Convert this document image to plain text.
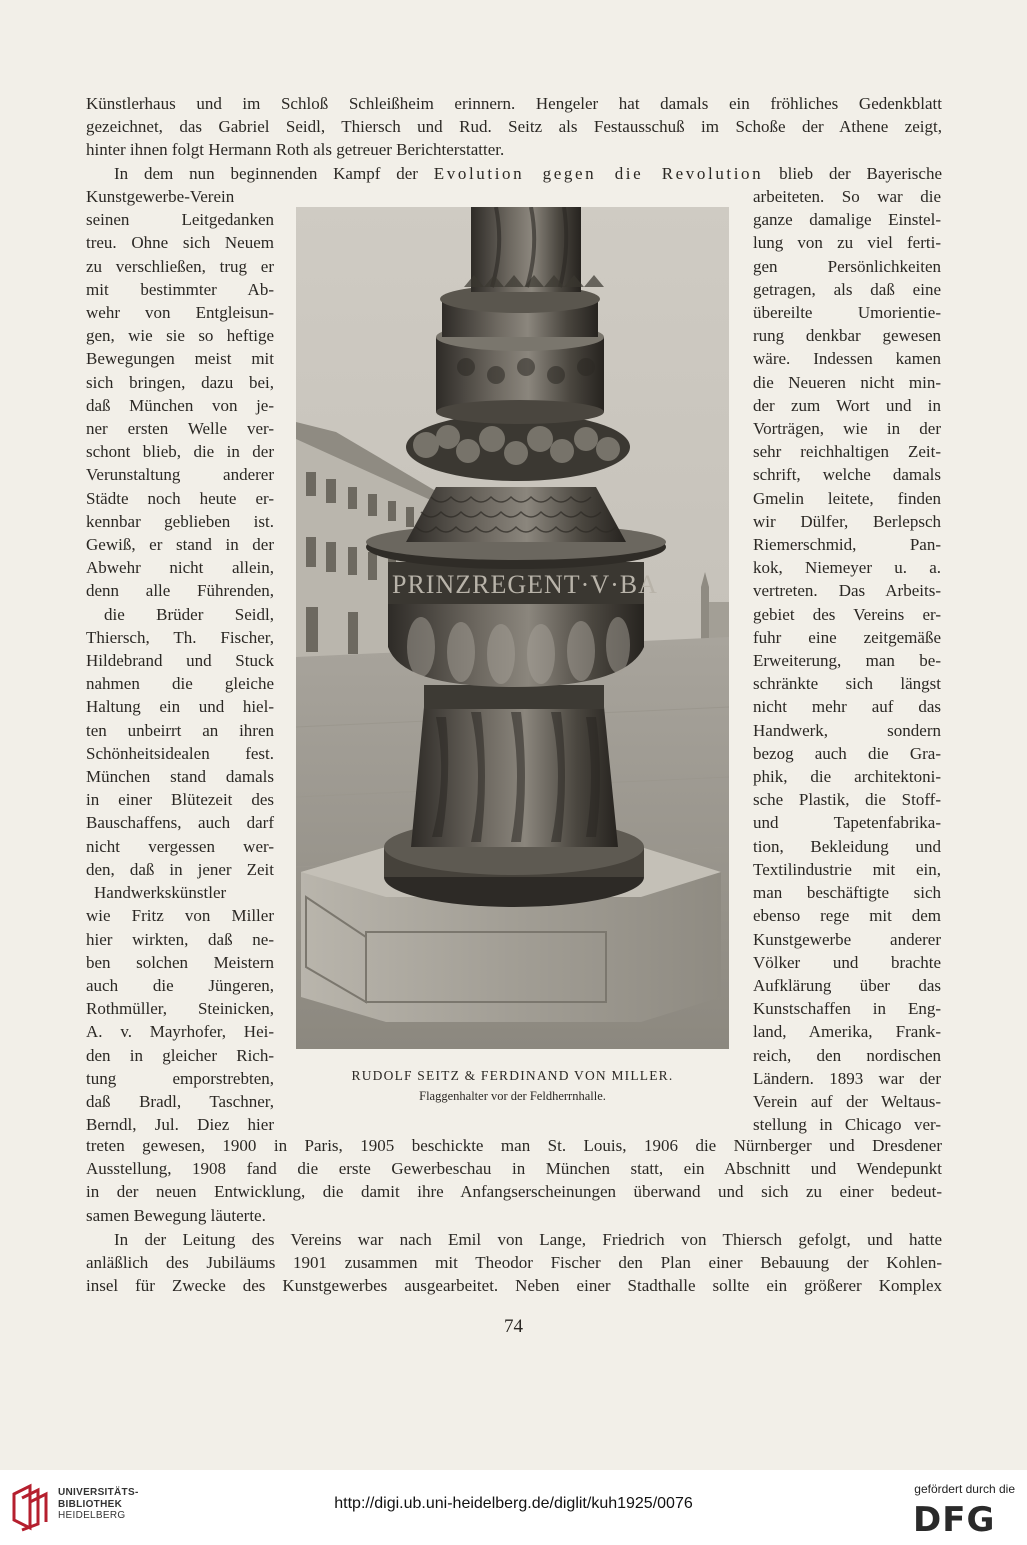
Künstlerhaus und im Schloß Schleißheim erinnern. Hengeler hat damals ein fröhliches Gedenkblatt
gezeichnet, das Gabriel Seidl, Thiersch und Rud. Seitz als Festausschuß im Schoße der Athene zeigt,
hinter ihnen folgt Hermann Roth als getreuer Berichterstatter.
In dem nun beginnenden Kampf der Evolution gegen die Revolution blieb der Bayerische
Kunstgewerbe-Verein
seinen Leitgedanken
treu. Ohne sich Neuem
zu verschließen, trug er
mit bestimmter Ab-
wehr von Entgleisun-
gen, wie sie so heftige
Bewegungen meist mit
sich bringen, dazu bei,
daß München von je-
ner ersten Welle ver-
schont blieb, die in der
Verunstaltung anderer
Städte noch heute er-
kennbar geblieben ist.
Gewiß, er stand in der
Abwehr nicht allein,
denn alle Führenden,
die Brüder Seidl,
Thiersch, Th. Fischer,
Hildebrand und Stuck
nahmen die gleiche
Haltung ein und hiel-
ten unbeirrt an ihren
Schönheitsidealen fest.
München stand damals
in einer Blütezeit des
Bauschaffens, auch darf
nicht vergessen wer-
den, daß in jener Zeit
Handwerkskünstler
wie Fritz von Miller
hier wirkten, daß ne-
ben solchen Meistern
auch die Jüngeren,
Rothmüller, Steinicken,
A. v. Mayrhofer, Hei-
den in gleicher Rich-
tung emporstrebten,
daß Bradl, Taschner,
Berndl, Jul. Diez hier
arbeiteten. So war die
ganze damalige Einstel-
lung von zu viel ferti-
gen Persönlichkeiten
getragen, als daß eine
übereilte Umorientie-
rung denkbar gewesen
wäre. Indessen kamen
die Neueren nicht min-
der zum Wort und in
Vorträgen, wie in der
sehr reichhaltigen Zeit-
schrift, welche damals
Gmelin leitete, finden
wir Dülfer, Berlepsch
Riemerschmid, Pan-
kok, Niemeyer u. a.
vertreten. Das Arbeits-
gebiet des Vereins er-
fuhr eine zeitgemäße
Erweiterung, man be-
schränkte sich längst
nicht mehr auf das
Handwerk, sondern
bezog auch die Gra-
phik, die architektoni-
sche Plastik, die Stoff-
und Tapetenfabrika-
tion, Bekleidung und
Textilindustrie mit ein,
man beschäftigte sich
ebenso rege mit dem
Kunstgewerbe anderer
Völker und brachte
Aufklärung über das
Kunstschaffen in Eng-
land, Amerika, Frank-
reich, den nordischen
Ländern. 1893 war der
Verein auf der Weltaus-
stellung in Chicago ver-
PRINZREGENT·V·BA
RUDOLF SEITZ & FERDINAND VON MILLER.
Flaggenhalter vor der Feldherrnhalle.
treten gewesen, 1900 in Paris, 1905 beschickte man St. Louis, 1906 die Nürnberger und Dresdener
Ausstellung, 1908 fand die erste Gewerbeschau in München statt, ein Abschnitt und Wendepunkt
in der neuen Entwicklung, die damit ihre Anfangserscheinungen überwand und sich zu einer bedeut-
samen Bewegung läuterte.
In der Leitung des Vereins war nach Emil von Lange, Friedrich von Thiersch gefolgt, und hatte
anläßlich des Jubiläums 1901 zusammen mit Theodor Fischer den Plan einer Bebauung der Kohlen-
insel für Zwecke des Kunstgewerbes ausgearbeitet. Neben einer Stadthalle sollte ein größerer Komplex
74
UNIVERSITÄTS-
BIBLIOTHEK
HEIDELBERG
http://digi.ub.uni-heidelberg.de/diglit/kuh1925/0076
gefördert durch die
DFG
